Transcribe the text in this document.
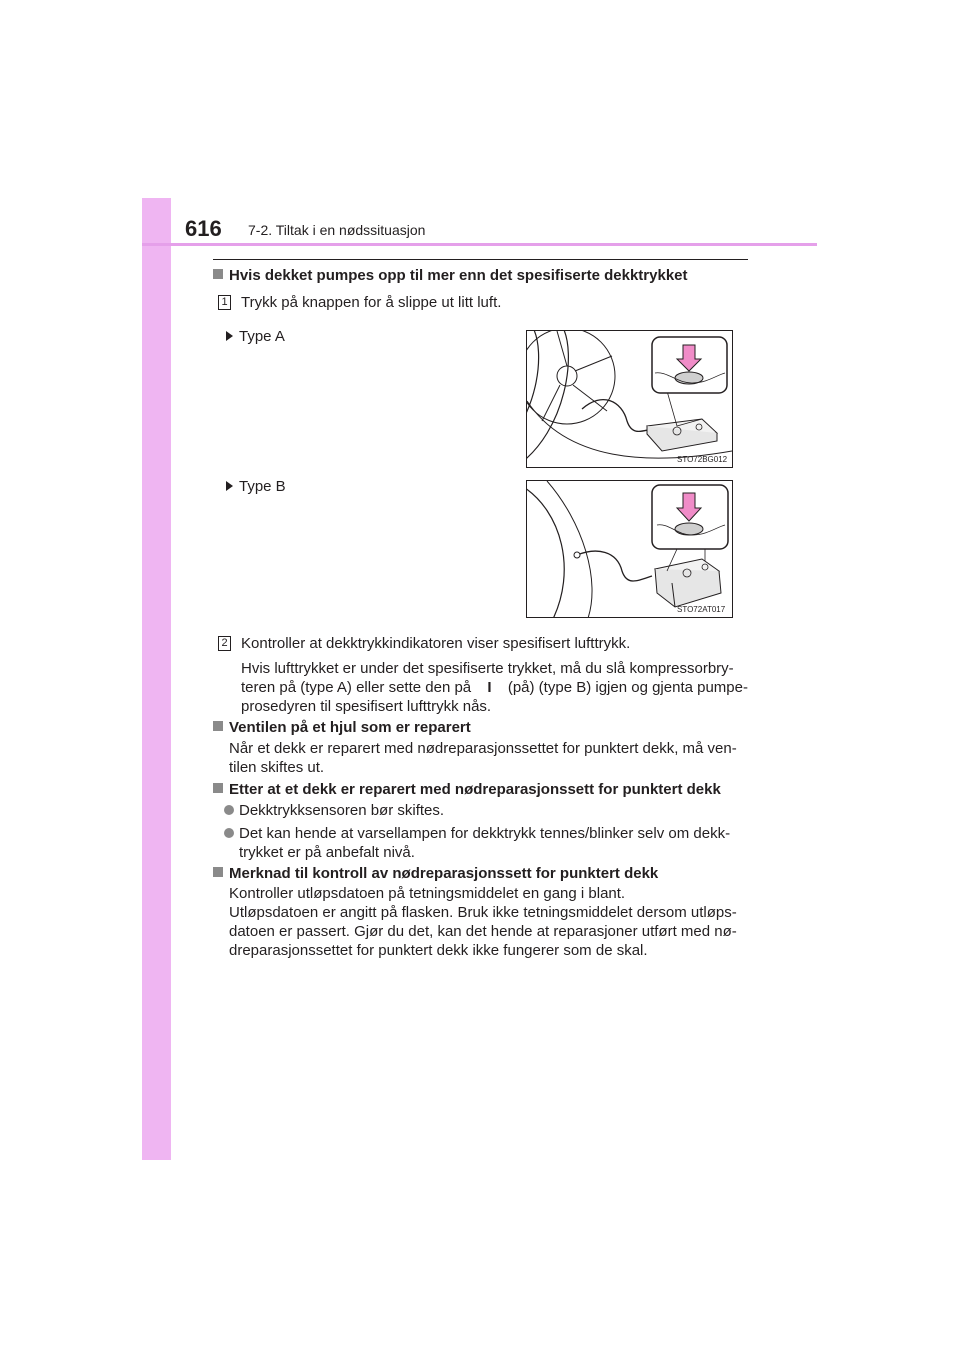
616 7-2. Tiltak i en nødssituasjon
Hvis dekket pumpes opp til mer enn det spesifiserte dekktrykket
1 Trykk på knappen for å slippe ut litt luft.
Type A
STO72BG012
Type B
STO72AT017
2 Kontroller at dekktrykkindikatoren viser spesifisert lufttrykk.
Hvis lufttrykket er under det spesifiserte trykket, må du slå kompressorbry-
teren på (type A) eller sette den på	I	(på) (type B) igjen og gjenta pumpe-
prosedyren til spesifisert lufttrykk nås.
Ventilen på et hjul som er reparert
Når et dekk er reparert med nødreparasjonssettet for punktert dekk, må ven-
tilen skiftes ut.
Etter at et dekk er reparert med nødreparasjonssett for punktert dekk
Dekktrykksensoren bør skiftes.
Det kan hende at varsellampen for dekktrykk tennes/blinker selv om dekk-
trykket er på anbefalt nivå.
Merknad til kontroll av nødreparasjonssett for punktert dekk
Kontroller utløpsdatoen på tetningsmiddelet en gang i blant.
Utløpsdatoen er angitt på flasken. Bruk ikke tetningsmiddelet dersom utløps-
datoen er passert. Gjør du det, kan det hende at reparasjoner utført med nø-
dreparasjonssettet for punktert dekk ikke fungerer som de skal.
